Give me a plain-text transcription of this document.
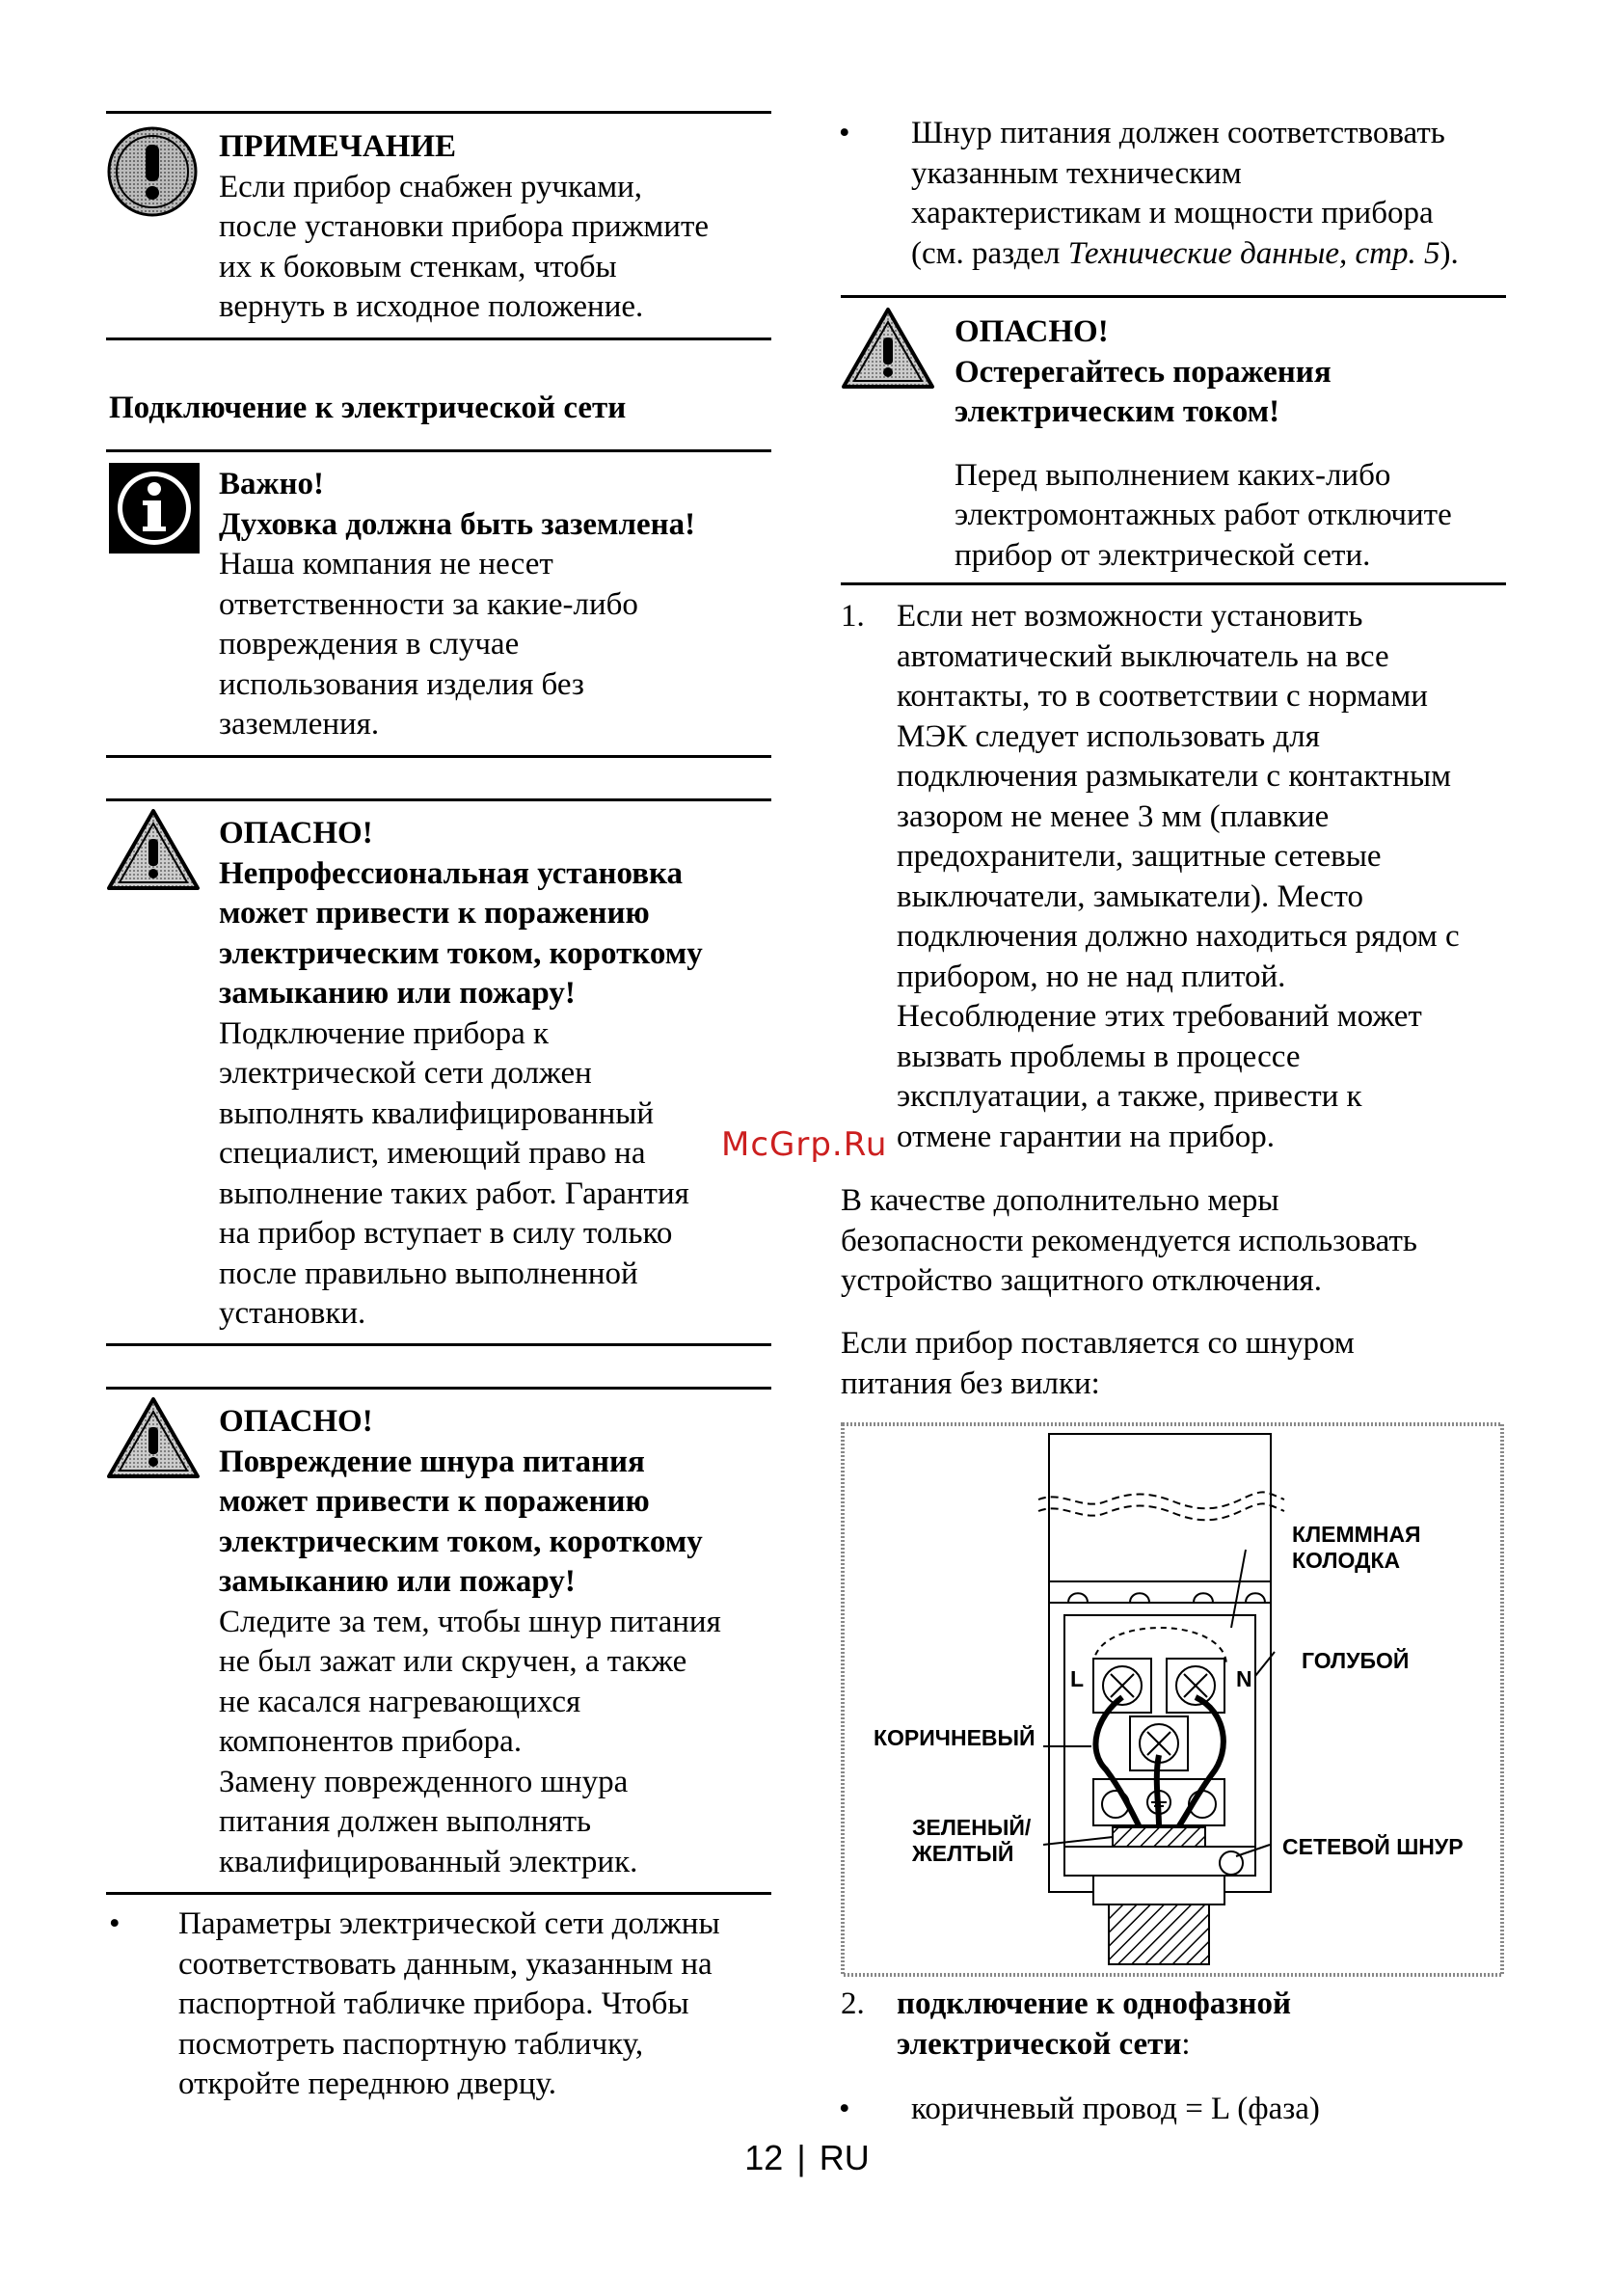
ПРИМЕЧАНИЕ
Если прибор снабжен ручками,
после установки прибора прижмите
их к боковым стенкам, чтобы
вернуть в исходное положение.
Подключение к электрической сети
Важно!
Духовка должна быть заземлена!
Наша компания не несет
ответственности за какие-либо
повреждения в случае
использования изделия без
заземления.
ОПАСНО!
Непрофессиональная установка
может привести к поражению
электрическим током, короткому
замыканию или пожару!
Подключение прибора к
электрической сети должен
выполнять квалифицированный
специалист, имеющий право на
выполнение таких работ. Гарантия
на прибор вступает в силу только
после правильно выполненной
установки.
ОПАСНО!
Повреждение шнура питания
может привести к поражению
электрическим током, короткому
замыканию или пожару!
Следите за тем, чтобы шнур питания
не был зажат или скручен, а также
не касался нагревающихся
компонентов прибора.
Замену поврежденного шнура
питания должен выполнять
квалифицированный электрик.
• Параметры электрической сети должны
соответствовать данным, указанным на
паспортной табличке прибора. Чтобы
посмотреть паспортную табличку,
откройте переднюю дверцу.
• Шнур питания должен соответствовать
указанным техническим
характеристикам и мощности прибора
(см. раздел Технические данные, стр. 5).
ОПАСНО!
Остерегайтесь поражения
электрическим током!
Перед выполнением каких-либо
электромонтажных работ отключите
прибор от электрической сети.
1. Если нет возможности установить
автоматический выключатель на все
контакты, то в соответствии с нормами
МЭК следует использовать для
подключения размыкатели с контактным
зазором не менее 3 мм (плавкие
предохранители, защитные сетевые
выключатели, замыкатели). Место
подключения должно находиться рядом с
прибором, но не над плитой.
Несоблюдение этих требований может
вызвать проблемы в процессе
эксплуатации, а также, привести к
отмене гарантии на прибор.
В качестве дополнительно меры
безопасности рекомендуется использовать
устройство защитного отключения.
Если прибор поставляется со шнуром
питания без вилки:
L	N
КЛЕММНАЯ
КОЛОДКА
ГОЛУБОЙ
КОРИЧНЕВЫЙ
ЗЕЛЕНЫЙ/
ЖЕЛТЫЙ	СЕТЕВОЙ ШНУР
2. подключение к однофазной
электрической сети:
• коричневый провод = L (фаза)
McGrp.Ru
12 | RU
